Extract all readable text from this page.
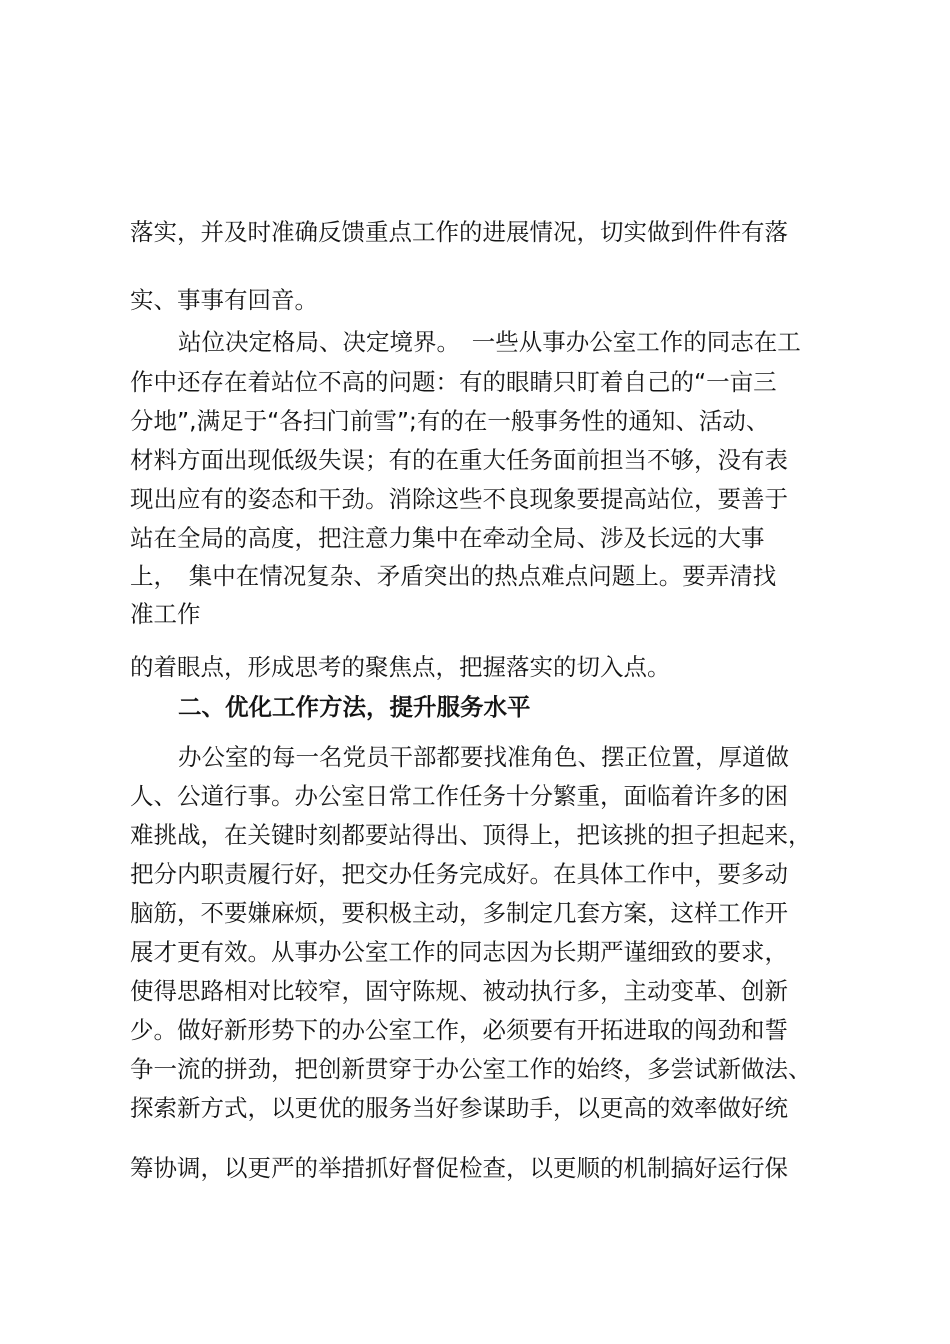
落实，并及时准确反馈重点工作的进展情况，切实做到件件有落

实、事事有回音。

站位决定格局、决定境界。　一些从事办公室工作的同志在工

作中还存在着站位不高的问题：有的眼睛只盯着自己的“一亩三

分地”,满足于“各扫门前雪”;有的在一般事务性的通知、活动、

材料方面出现低级失误；有的在重大任务面前担当不够，没有表

现出应有的姿态和干劲。消除这些不良现象要提高站位，要善于

站在全局的高度，把注意力集中在牵动全局、涉及长远的大事

上，　集中在情况复杂、矛盾突出的热点难点问题上。要弄清找

准工作

的着眼点，形成思考的聚焦点，把握落实的切入点。

二、优化工作方法，提升服务水平

办公室的每一名党员干部都要找准角色、摆正位置，厚道做

人、公道行事。办公室日常工作任务十分繁重，面临着许多的困

难挑战，在关键时刻都要站得出、顶得上，把该挑的担子担起来，

把分内职责履行好，把交办任务完成好。在具体工作中，要多动

脑筋，不要嫌麻烦，要积极主动，多制定几套方案，这样工作开

展才更有效。从事办公室工作的同志因为长期严谨细致的要求，

使得思路相对比较窄，固守陈规、被动执行多，主动变革、创新

少。做好新形势下的办公室工作，必须要有开拓进取的闯劲和誓

争一流的拼劲，把创新贯穿于办公室工作的始终，多尝试新做法、

探索新方式，以更优的服务当好参谋助手，以更高的效率做好统

筹协调，以更严的举措抓好督促检查，以更顺的机制搞好运行保
